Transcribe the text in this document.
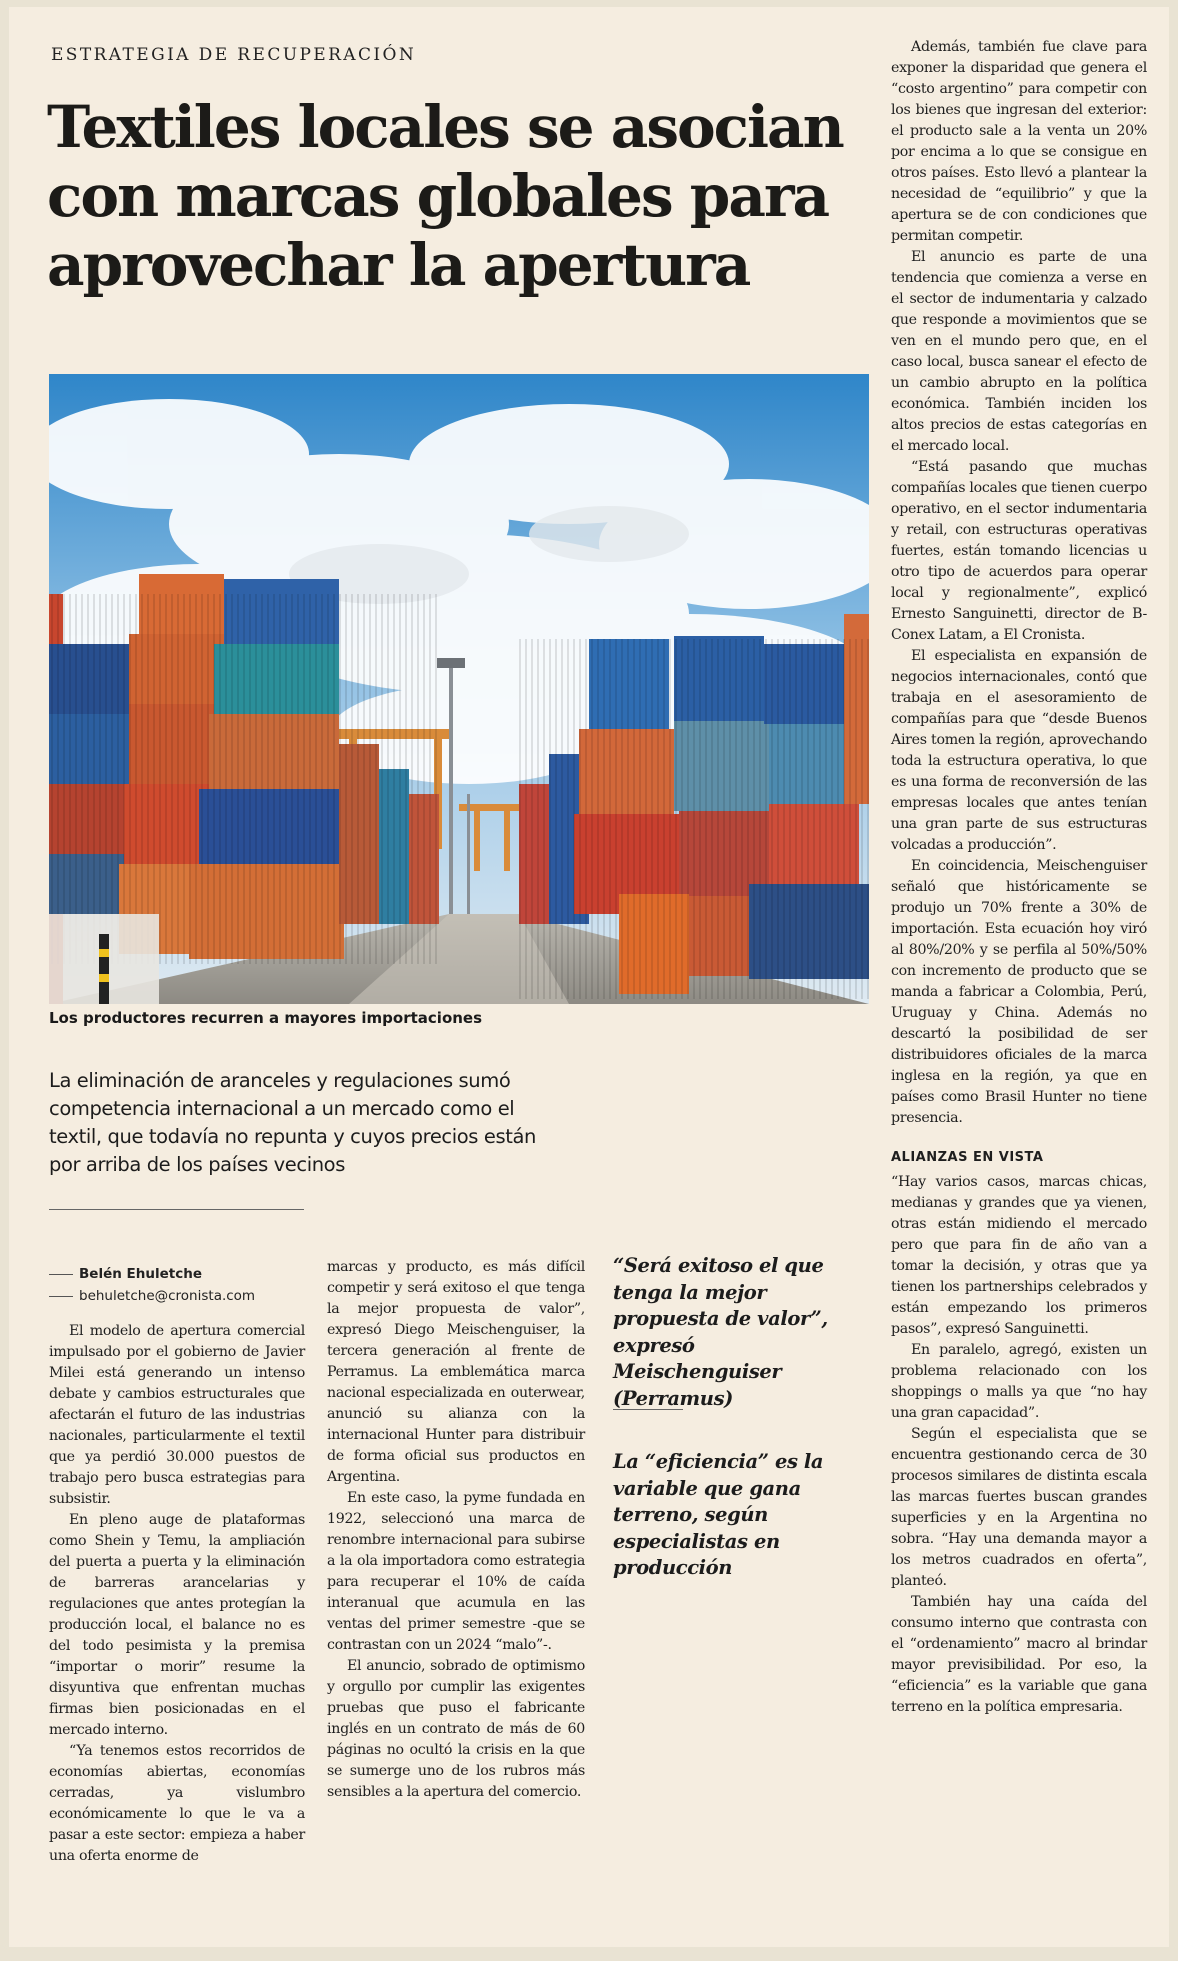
ESTRATEGIA DE RECUPERACIÓN
Textiles locales se asocian con marcas globales para aprovechar la apertura
Los productores recurren a mayores importaciones

La eliminación de aranceles y regulaciones sumó competencia internacional a un mercado como el textil, que todavía no repunta y cuyos precios están por arriba de los países vecinos

Belén Ehuletche
behuletche@cronista.com

El modelo de apertura comercial impulsado por el gobierno de Javier Milei está generando un intenso debate y cambios estructurales que afectarán el futuro de las industrias nacionales, particularmente el textil que ya perdió 30.000 puestos de trabajo pero busca estrategias para subsistir.

En pleno auge de plataformas como Shein y Temu, la ampliación del puerta a puerta y la eliminación de barreras arancelarias y regulaciones que antes protegían la producción local, el balance no es del todo pesimista y la premisa “importar o morir” resume la disyuntiva que enfrentan muchas firmas bien posicionadas en el mercado interno.

“Ya tenemos estos recorridos de economías abiertas, economías cerradas, ya vislumbro económicamente lo que le va a pasar a este sector: empieza a haber una oferta enorme de

marcas y producto, es más difícil competir y será exitoso el que tenga la mejor propuesta de valor”, expresó Diego Meischenguiser, la tercera generación al frente de Perramus. La emblemática marca nacional especializada en outerwear, anunció su alianza con la internacional Hunter para distribuir de forma oficial sus productos en Argentina.

En este caso, la pyme fundada en 1922, seleccionó una marca de renombre internacional para subirse a la ola importadora como estrategia para recuperar el 10% de caída interanual que acumula en las ventas del primer semestre -que se contrastan con un 2024 “malo”-.

El anuncio, sobrado de optimismo y orgullo por cumplir las exigentes pruebas que puso el fabricante inglés en un contrato de más de 60 páginas no ocultó la crisis en la que se sumerge uno de los rubros más sensibles a la apertura del comercio.

“Será exitoso el que tenga la mejor propuesta de valor”, expresó Meischenguiser (Perramus)

La “eficiencia” es la variable que gana terreno, según especialistas en producción

Además, también fue clave para exponer la disparidad que genera el “costo argentino” para competir con los bienes que ingresan del exterior: el producto sale a la venta un 20% por encima a lo que se consigue en otros países. Esto llevó a plantear la necesidad de “equilibrio” y que la apertura se de con condiciones que permitan competir.

El anuncio es parte de una tendencia que comienza a verse en el sector de indumentaria y calzado que responde a movimientos que se ven en el mundo pero que, en el caso local, busca sanear el efecto de un cambio abrupto en la política económica. También inciden los altos precios de estas categorías en el mercado local.

“Está pasando que muchas compañías locales que tienen cuerpo operativo, en el sector indumentaria y retail, con estructuras operativas fuertes, están tomando licencias u otro tipo de acuerdos para operar local y regionalmente”, explicó Ernesto Sanguinetti, director de B-Conex Latam, a El Cronista.

El especialista en expansión de negocios internacionales, contó que trabaja en el asesoramiento de compañías para que “desde Buenos Aires tomen la región, aprovechando toda la estructura operativa, lo que es una forma de reconversión de las empresas locales que antes tenían una gran parte de sus estructuras volcadas a producción”.

En coincidencia, Meischenguiser señaló que históricamente se produjo un 70% frente a 30% de importación. Esta ecuación hoy viró al 80%/20% y se perfila al 50%/50% con incremento de producto que se manda a fabricar a Colombia, Perú, Uruguay y China. Además no descartó la posibilidad de ser distribuidores oficiales de la marca inglesa en la región, ya que en países como Brasil Hunter no tiene presencia.

ALIANZAS EN VISTA

“Hay varios casos, marcas chicas, medianas y grandes que ya vienen, otras están midiendo el mercado pero que para fin de año van a tomar la decisión, y otras que ya tienen los partnerships celebrados y están empezando los primeros pasos”, expresó Sanguinetti.

En paralelo, agregó, existen un problema relacionado con los shoppings o malls ya que “no hay una gran capacidad”.

Según el especialista que se encuentra gestionando cerca de 30 procesos similares de distinta escala las marcas fuertes buscan grandes superficies y en la Argentina no sobra. “Hay una demanda mayor a los metros cuadrados en oferta”, planteó.

También hay una caída del consumo interno que contrasta con el “ordenamiento” macro al brindar mayor previsibilidad. Por eso, la “eficiencia” es la variable que gana terreno en la política empresaria.
